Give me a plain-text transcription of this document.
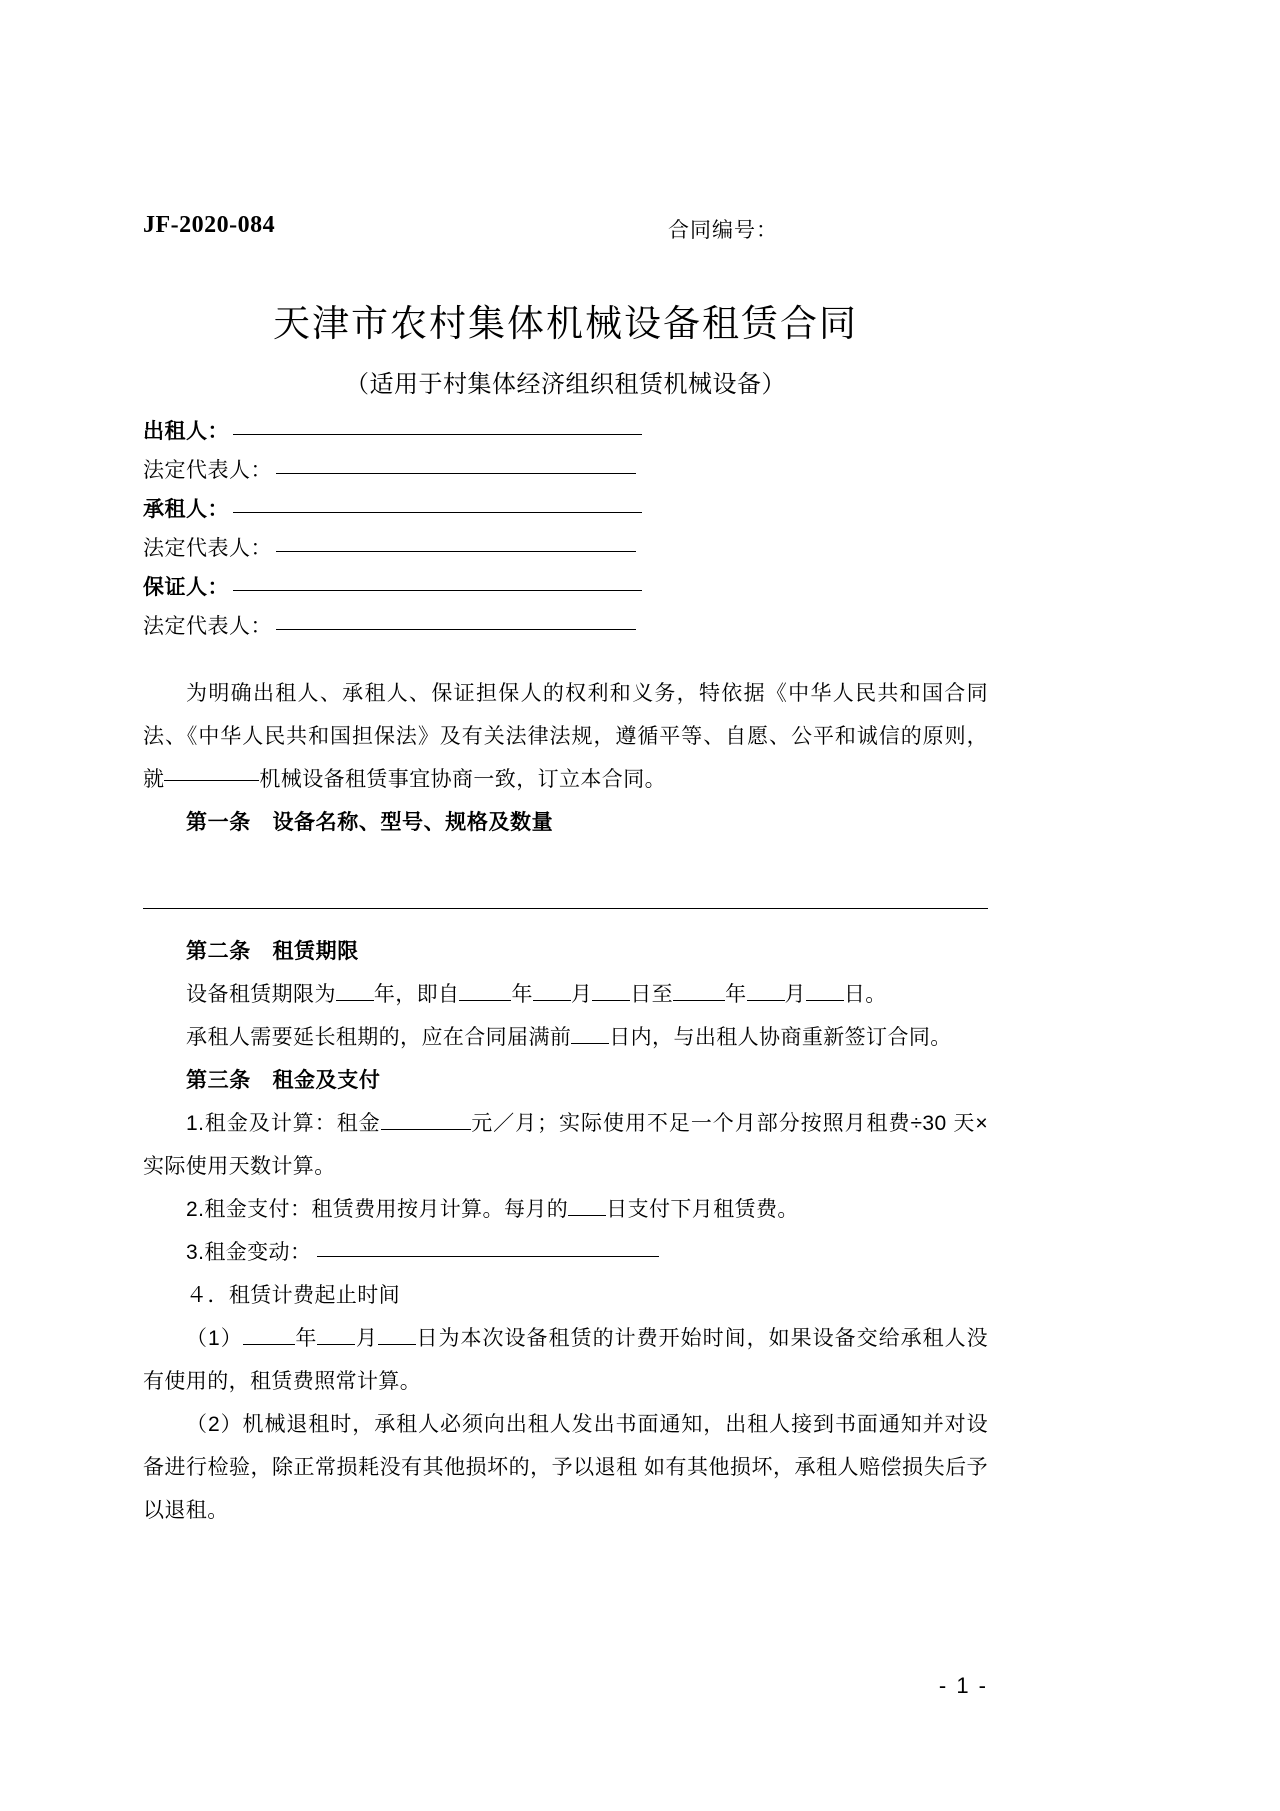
JF-2020-084	合同编号：
天津市农村集体机械设备租赁合同
（适用于村集体经济组织租赁机械设备）
出租人：
法定代表人：
承租人：
法定代表人：
保证人：
法定代表人：

为明确出租人、承租人、保证担保人的权利和义务，特依据《中华人民共和国合同法、《中华人民共和国担保法》及有关法律法规，遵循平等、自愿、公平和诚信的原则，就	机械设备租赁事宜协商一致，订立本合同。

第一条　设备名称、型号、规格及数量

第二条　租赁期限

设备租赁期限为 年，即自 年 月 日至 年 月 日。

承租人需要延长租期的，应在合同届满前 日内，与出租人协商重新签订合同。

第三条　租金及支付

1.租金及计算：租金	元／月；实际使用不足一个月部分按照月租费÷30 天×实际使用天数计算。

2.租金支付：租赁费用按月计算。每月的 日支付下月租赁费。

3.租金变动：

４．租赁计费起止时间

（1） 年 月 日为本次设备租赁的计费开始时间，如果设备交给承租人没有使用的，租赁费照常计算。

（2）机械退租时，承租人必须向出租人发出书面通知，出租人接到书面通知并对设备进行检验，除正常损耗没有其他损坏的，予以退租 如有其他损坏，承租人赔偿损失后予以退租。

- 1 -
